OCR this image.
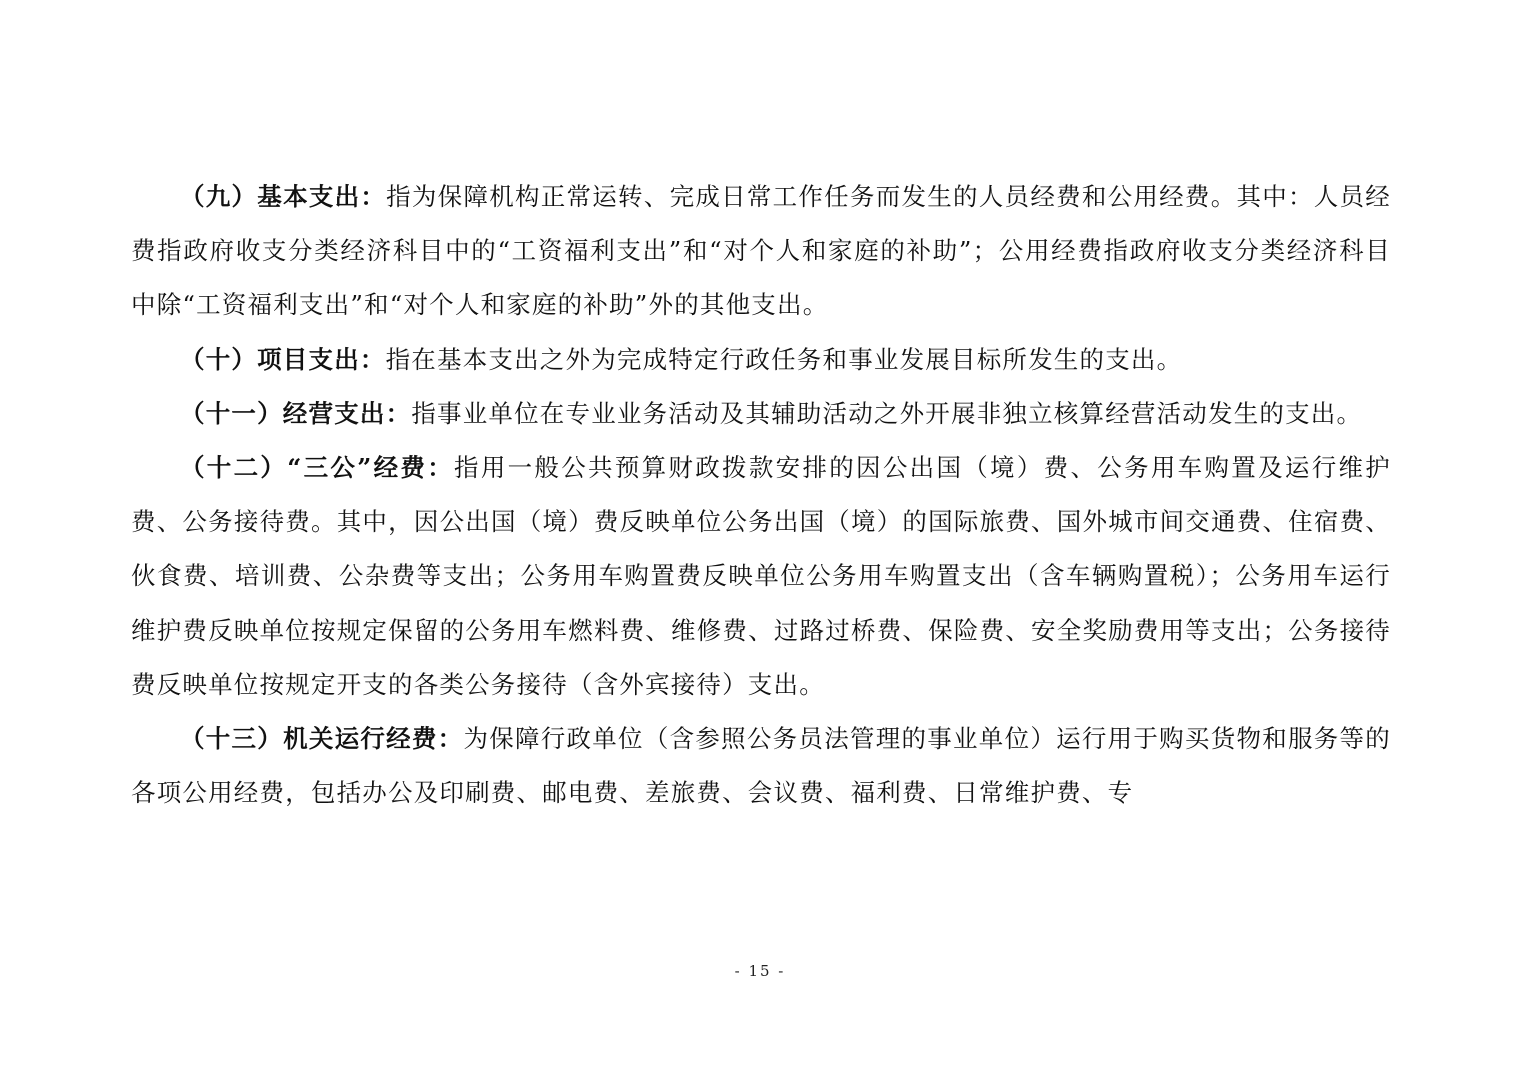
（九）基本支出：指为保障机构正常运转、完成日常工作任务而发生的人员经费和公用经费。其中：人员经费指政府收支分类经济科目中的“工资福利支出”和“对个人和家庭的补助”；公用经费指政府收支分类经济科目中除“工资福利支出”和“对个人和家庭的补助”外的其他支出。

（十）项目支出：指在基本支出之外为完成特定行政任务和事业发展目标所发生的支出。

（十一）经营支出：指事业单位在专业业务活动及其辅助活动之外开展非独立核算经营活动发生的支出。

（十二）“三公”经费：指用一般公共预算财政拨款安排的因公出国（境）费、公务用车购置及运行维护费、公务接待费。其中，因公出国（境）费反映单位公务出国（境）的国际旅费、国外城市间交通费、住宿费、伙食费、培训费、公杂费等支出；公务用车购置费反映单位公务用车购置支出（含车辆购置税）；公务用车运行维护费反映单位按规定保留的公务用车燃料费、维修费、过路过桥费、保险费、安全奖励费用等支出；公务接待费反映单位按规定开支的各类公务接待（含外宾接待）支出。

（十三）机关运行经费：为保障行政单位（含参照公务员法管理的事业单位）运行用于购买货物和服务等的各项公用经费，包括办公及印刷费、邮电费、差旅费、会议费、福利费、日常维护费、专

- 15 -
